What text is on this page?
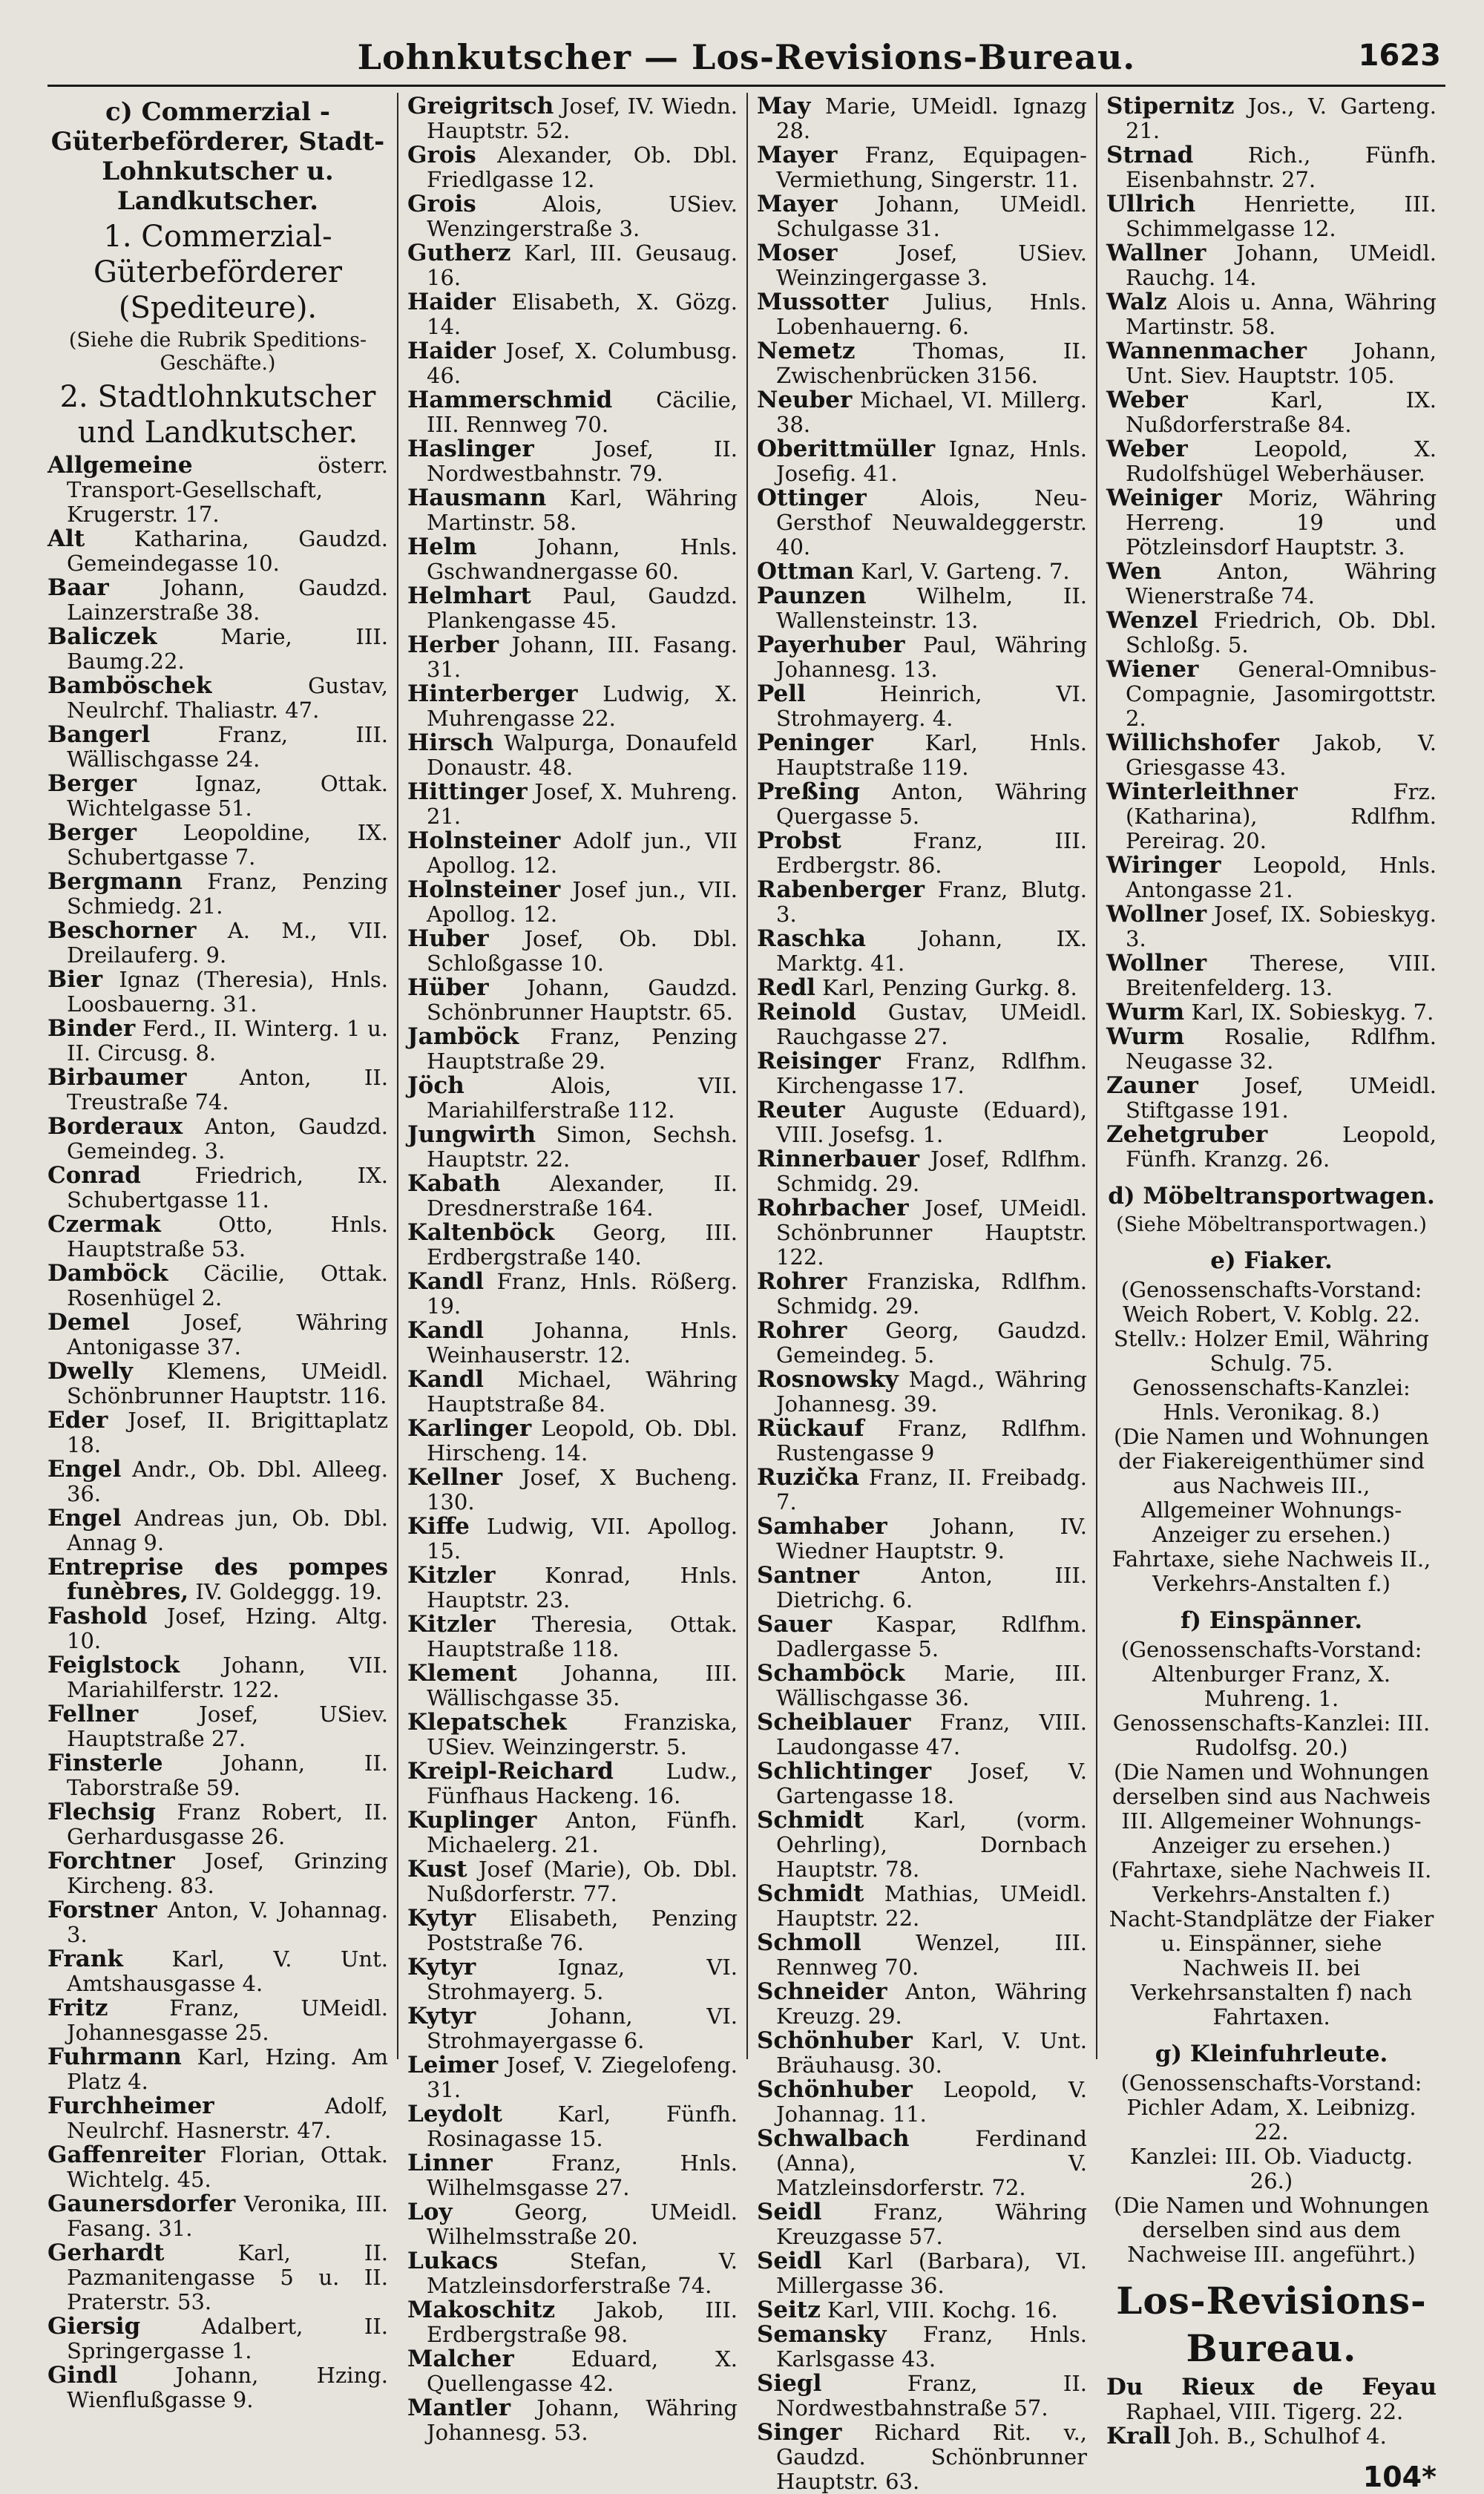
Lohnkutscher — Los-Revisions-Bureau.	1623
c) Commerzial - Güterbeförderer, Stadt-Lohnkutscher u. Landkutscher.
1. Commerzial-Güterbeförderer (Spediteure).
(Siehe die Rubrik Speditions-Geschäfte.)
2. Stadtlohnkutscher und Landkutscher.

Allgemeine	österr. Transport-Gesellschaft, Krugerstr. 17.

Alt Katharina, Gaudzd. Gemeindegasse 10.

Baar Johann, Gaudzd. Lainzerstraße 38.

Baliczek	Marie, III. Baumg.22.

Bamböschek	Gustav, Neulrchf. Thaliastr. 47.

Bangerl	Franz, III. Wällischgasse 24.

Berger	Ignaz, Ottak. Wichtelgasse 51.

Berger Leopoldine, IX. Schubertgasse 7.

Bergmann Franz, Penzing Schmiedg. 21.

Beschorner A. M., VII. Dreilauferg. 9.

Bier Ignaz (Theresia), Hnls. Loosbauerng. 31.

Binder Ferd., II. Winterg. 1 u. II. Circusg. 8.

Birbaumer Anton, II. Treustraße 74.

Borderaux Anton, Gaudzd. Gemeindeg. 3.

Conrad	Friedrich, IX. Schubertgasse 11.

Czermak	Otto, Hnls. Hauptstraße 53.

Damböck Cäcilie, Ottak. Rosenhügel 2.

Demel Josef, Währing Antonigasse 37.

Dwelly Klemens, UMeidl. Schönbrunner Hauptstr. 116.

Eder Josef, II. Brigittaplatz 18.

Engel Andr., Ob. Dbl. Alleeg. 36.

Engel Andreas jun, Ob. Dbl. Annag 9.

Entreprise des pompes funèbres, IV. Goldeggg. 19.

Fashold Josef, Hzing. Altg. 10.

Feiglstock Johann, VII. Mariahilferstr. 122.

Fellner	Josef, USiev. Hauptstraße 27.

Finsterle	Johann, II. Taborstraße 59.

Flechsig Franz Robert, II. Gerhardusgasse 26.

Forchtner Josef, Grinzing Kircheng. 83.

Forstner Anton, V. Johannag. 3.

Frank Karl, V. Unt. Amtshausgasse 4.

Fritz	Franz, UMeidl. Johannesgasse 25.

Fuhrmann Karl, Hzing. Am Platz 4.

Furchheimer	Adolf, Neulrchf. Hasnerstr. 47.

Gaffenreiter Florian, Ottak. Wichtelg. 45.

Gaunersdorfer Veronika, III. Fasang. 31.

Gerhardt	Karl, II. Pazmanitengasse 5 u. II. Praterstr. 53.

Giersig	Adalbert, II. Springergasse 1.

Gindl	Johann, Hzing. Wienflußgasse 9.

Greigritsch Josef, IV. Wiedn. Hauptstr. 52.

Grois Alexander, Ob. Dbl. Friedlgasse 12.

Grois	Alois, USiev. Wenzingerstraße 3.

Gutherz Karl, III. Geusaug. 16.

Haider Elisabeth, X. Gözg. 14.

Haider Josef, X. Columbusg. 46.

Hammerschmid Cäcilie, III. Rennweg 70.

Haslinger	Josef, II. Nordwestbahnstr. 79.

Hausmann Karl, Währing Martinstr. 58.

Helm	Johann, Hnls. Gschwandnergasse 60.

Helmhart Paul, Gaudzd. Plankengasse 45.

Herber Johann, III. Fasang. 31.

Hinterberger Ludwig, X. Muhrengasse 22.

Hirsch Walpurga, Donaufeld Donaustr. 48.

Hittinger Josef, X. Muhreng. 21.

Holnsteiner Adolf jun., VII Apollog. 12.

Holnsteiner Josef jun., VII. Apollog. 12.

Huber Josef, Ob. Dbl. Schloßgasse 10.

Hüber Johann, Gaudzd. Schönbrunner Hauptstr. 65.

Jamböck Franz, Penzing Hauptstraße 29.

Jöch	Alois, VII. Mariahilferstraße 112.

Jungwirth Simon, Sechsh. Hauptstr. 22.

Kabath Alexander, II. Dresdnerstraße 164.

Kaltenböck Georg, III. Erdbergstraße 140.

Kandl Franz, Hnls. Rößerg. 19.

Kandl Johanna, Hnls. Weinhauserstr. 12.

Kandl Michael, Währing Hauptstraße 84.

Karlinger Leopold, Ob. Dbl. Hirscheng. 14.

Kellner Josef, X Bucheng. 130.

Kiffe Ludwig, VII. Apollog. 15.

Kitzler Konrad, Hnls. Hauptstr. 23.

Kitzler Theresia, Ottak. Hauptstraße 118.

Klement Johanna, III. Wällischgasse 35.

Klepatschek	Franziska, USiev. Weinzingerstr. 5.

Kreipl-Reichard Ludw., Fünfhaus Hackeng. 16.

Kuplinger Anton, Fünfh. Michaelerg. 21.

Kust Josef (Marie), Ob. Dbl. Nußdorferstr. 77.

Kytyr Elisabeth, Penzing Poststraße 76.

Kytyr	Ignaz, VI. Strohmayerg. 5.

Kytyr	Johann, VI. Strohmayergasse 6.

Leimer Josef, V. Ziegelofeng. 31.

Leydolt	Karl, Fünfh. Rosinagasse 15.

Linner	Franz, Hnls. Wilhelmsgasse 27.

Loy	Georg, UMeidl. Wilhelmsstraße 20.

Lukacs	Stefan, V. Matzleinsdorferstraße 74.

Makoschitz Jakob, III. Erdbergstraße 98.

Malcher	Eduard, X. Quellengasse 42.

Mantler Johann, Währing Johannesg. 53.

May Marie, UMeidl. Ignazg 28.

Mayer Franz, Equipagen-Vermiethung, Singerstr. 11.

Mayer Johann, UMeidl. Schulgasse 31.

Moser	Josef, USiev. Weinzingergasse 3.

Mussotter Julius, Hnls. Lobenhauerng. 6.

Nemetz	Thomas, II. Zwischenbrücken 3156.

Neuber Michael, VI. Millerg. 38.

Oberittmüller Ignaz, Hnls. Josefig. 41.

Ottinger	Alois, Neu-Gersthof Neuwaldeggerstr. 40.

Ottman Karl, V. Garteng. 7.

Paunzen Wilhelm, II. Wallensteinstr. 13.

Payerhuber Paul, Währing Johannesg. 13.

Pell	Heinrich, VI. Strohmayerg. 4.

Peninger Karl, Hnls. Hauptstraße 119.

Preßing Anton, Währing Quergasse 5.

Probst	Franz, III. Erdbergstr. 86.

Rabenberger Franz, Blutg. 3.

Raschka	Johann, IX. Marktg. 41.

Redl Karl, Penzing Gurkg. 8.

Reinold Gustav, UMeidl. Rauchgasse 27.

Reisinger Franz, Rdlfhm. Kirchengasse 17.

Reuter Auguste (Eduard), VIII. Josefsg. 1.

Rinnerbauer Josef, Rdlfhm. Schmidg. 29.

Rohrbacher Josef, UMeidl. Schönbrunner Hauptstr. 122.

Rohrer Franziska, Rdlfhm. Schmidg. 29.

Rohrer Georg, Gaudzd. Gemeindeg. 5.

Rosnowsky Magd., Währing Johannesg. 39.

Rückauf Franz, Rdlfhm. Rustengasse 9

Ruzička Franz, II. Freibadg. 7.

Samhaber Johann, IV. Wiedner Hauptstr. 9.

Santner	Anton, III. Dietrichg. 6.

Sauer Kaspar, Rdlfhm. Dadlergasse 5.

Schamböck Marie, III. Wällischgasse 36.

Scheiblauer Franz, VIII. Laudongasse 47.

Schlichtinger Josef, V. Gartengasse 18.

Schmidt Karl, (vorm. Oehrling), Dornbach Hauptstr. 78.

Schmidt Mathias, UMeidl. Hauptstr. 22.

Schmoll	Wenzel, III. Rennweg 70.

Schneider Anton, Währing Kreuzg. 29.

Schönhuber Karl, V. Unt. Bräuhausg. 30.

Schönhuber Leopold, V. Johannag. 11.

Schwalbach	Ferdinand (Anna), V. Matzleinsdorferstr. 72.

Seidl Franz, Währing Kreuzgasse 57.

Seidl Karl (Barbara), VI. Millergasse 36.

Seitz Karl, VIII. Kochg. 16.

Semansky Franz, Hnls. Karlsgasse 43.

Siegl	Franz, II. Nordwestbahnstraße 57.

Singer Richard Rit. v., Gaudzd. Schönbrunner Hauptstr. 63.

Stipernitz Jos., V. Garteng. 21.

Strnad	Rich., Fünfh. Eisenbahnstr. 27.

Ullrich Henriette, III. Schimmelgasse 12.

Wallner Johann, UMeidl. Rauchg. 14.

Walz Alois u. Anna, Währing Martinstr. 58.

Wannenmacher Johann, Unt. Siev. Hauptstr. 105.

Weber	Karl, IX. Nußdorferstraße 84.

Weber	Leopold, X. Rudolfshügel Weberhäuser.

Weiniger Moriz, Währing Herreng. 19 und Pötzleinsdorf Hauptstr. 3.

Wen	Anton, Währing Wienerstraße 74.

Wenzel Friedrich, Ob. Dbl. Schloßg. 5.

Wiener General-Omnibus-Compagnie, Jasomirgottstr. 2.

Willichshofer Jakob, V. Griesgasse 43.

Winterleithner	Frz. (Katharina), Rdlfhm. Pereirag. 20.

Wiringer Leopold, Hnls. Antongasse 21.

Wollner Josef, IX. Sobieskyg. 3.

Wollner Therese, VIII. Breitenfelderg. 13.

Wurm Karl, IX. Sobieskyg. 7.

Wurm Rosalie, Rdlfhm. Neugasse 32.

Zauner Josef, UMeidl. Stiftgasse 191.

Zehetgruber	Leopold, Fünfh. Kranzg. 26.

d) Möbeltransportwagen.
(Siehe Möbeltransportwagen.)
e) Fiaker.

(Genossenschafts-Vorstand: Weich Robert, V. Koblg. 22.

Stellv.: Holzer Emil, Währing Schulg. 75.

Genossenschafts-Kanzlei: Hnls. Veronikag. 8.)

(Die Namen und Wohnungen der Fiakereigenthümer sind aus Nachweis III., Allgemeiner Wohnungs-Anzeiger zu ersehen.)

Fahrtaxe, siehe Nachweis II., Verkehrs-Anstalten f.)

f) Einspänner.

(Genossenschafts-Vorstand: Altenburger Franz, X. Muhreng. 1.

Genossenschafts-Kanzlei: III. Rudolfsg. 20.)

(Die Namen und Wohnungen derselben sind aus Nachweis III. Allgemeiner Wohnungs-Anzeiger zu ersehen.)

(Fahrtaxe, siehe Nachweis II. Verkehrs-Anstalten f.)

Nacht-Standplätze der Fiaker u. Einspänner, siehe Nachweis II. bei Verkehrsanstalten f) nach Fahrtaxen.

g) Kleinfuhrleute.

(Genossenschafts-Vorstand: Pichler Adam, X. Leibnizg. 22.

Kanzlei: III. Ob. Viaductg. 26.)

(Die Namen und Wohnungen derselben sind aus dem Nachweise III. angeführt.)

Los-Revisions-Bureau.

Du Rieux de Feyau Raphael, VIII. Tigerg. 22.

Krall Joh. B., Schulhof 4.

104*
